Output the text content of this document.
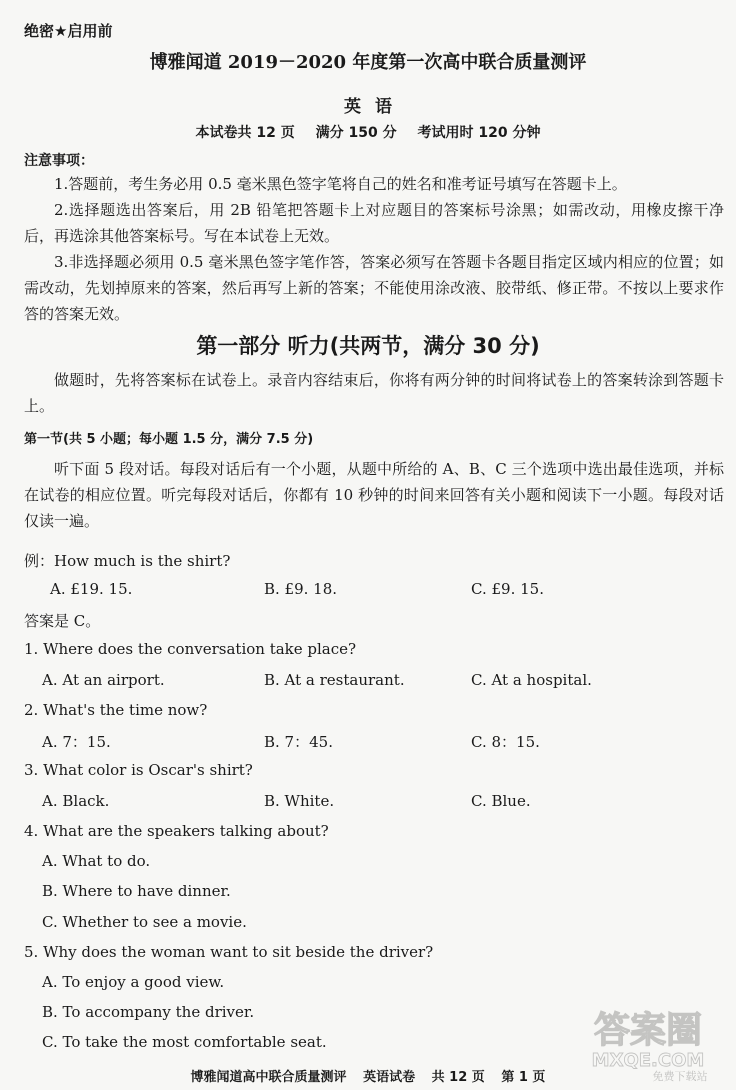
绝密★启用前
博雅闻道 2019－2020 年度第一次高中联合质量测评
英语
本试卷共 12 页 满分 150 分 考试用时 120 分钟
注意事项：
1.答题前，考生务必用 0.5 毫米黑色签字笔将自己的姓名和准考证号填写在答题卡上。
2.选择题选出答案后，用 2B 铅笔把答题卡上对应题目的答案标号涂黑；如需改动，用橡皮擦干净后，再选涂其他答案标号。写在本试卷上无效。
3.非选择题必须用 0.5 毫米黑色签字笔作答，答案必须写在答题卡各题目指定区域内相应的位置；如需改动，先划掉原来的答案，然后再写上新的答案；不能使用涂改液、胶带纸、修正带。不按以上要求作答的答案无效。
第一部分 听力(共两节，满分 30 分)
做题时，先将答案标在试卷上。录音内容结束后，你将有两分钟的时间将试卷上的答案转涂到答题卡上。
第一节(共 5 小题；每小题 1.5 分，满分 7.5 分)
听下面 5 段对话。每段对话后有一个小题，从题中所给的 A、B、C 三个选项中选出最佳选项，并标在试卷的相应位置。听完每段对话后，你都有 10 秒钟的时间来回答有关小题和阅读下一小题。每段对话仅读一遍。
例：How much is the shirt?
A. £19. 15.	B. £9. 18.	C. £9. 15.
答案是 C。
1. Where does the conversation take place?
A. At an airport.	B. At a restaurant.	C. At a hospital.
2. What's the time now?
A. 7：15.	B. 7：45.	C. 8：15.
3. What color is Oscar's shirt?
A. Black.	B. White.	C. Blue.
4. What are the speakers talking about?
A. What to do.
B. Where to have dinner.
C. Whether to see a movie.
5. Why does the woman want to sit beside the driver?
A. To enjoy a good view.
B. To accompany the driver.
C. To take the most comfortable seat.
博雅闻道高中联合质量测评 英语试卷 共 12 页 第 1 页
答案圈
MXQE.COM
免费下载站
